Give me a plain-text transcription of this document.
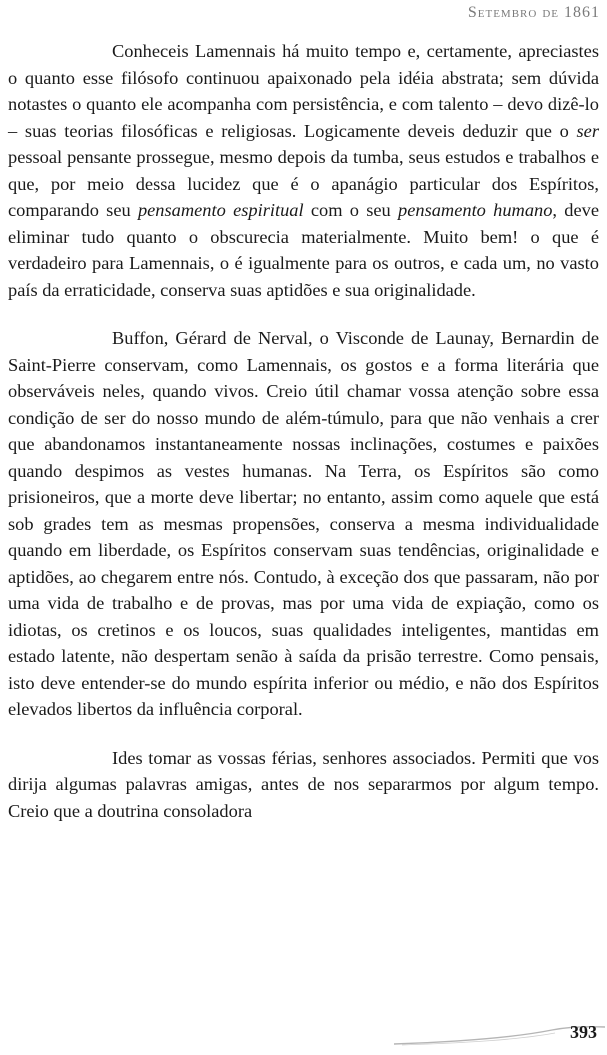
Setembro de 1861

Conheceis Lamennais há muito tempo e, certamente, apreciastes o quanto esse filósofo continuou apaixonado pela idéia abstrata; sem dúvida notastes o quanto ele acompanha com persistência, e com talento – devo dizê-lo – suas teorias filosóficas e religiosas. Logicamente deveis deduzir que o ser pessoal pensante prossegue, mesmo depois da tumba, seus estudos e trabalhos e que, por meio dessa lucidez que é o apanágio particular dos Espíritos, comparando seu pensamento espiritual com o seu pensamento humano, deve eliminar tudo quanto o obscurecia materialmente. Muito bem! o que é verdadeiro para Lamennais, o é igualmente para os outros, e cada um, no vasto país da erraticidade, conserva suas aptidões e sua originalidade.

Buffon, Gérard de Nerval, o Visconde de Launay, Bernardin de Saint-Pierre conservam, como Lamennais, os gostos e a forma literária que observáveis neles, quando vivos. Creio útil chamar vossa atenção sobre essa condição de ser do nosso mundo de além-túmulo, para que não venhais a crer que abandonamos instantaneamente nossas inclinações, costumes e paixões quando despimos as vestes humanas. Na Terra, os Espíritos são como prisioneiros, que a morte deve libertar; no entanto, assim como aquele que está sob grades tem as mesmas propensões, conserva a mesma individualidade quando em liberdade, os Espíritos conservam suas tendências, originalidade e aptidões, ao chegarem entre nós. Contudo, à exceção dos que passaram, não por uma vida de trabalho e de provas, mas por uma vida de expiação, como os idiotas, os cretinos e os loucos, suas qualidades inteligentes, mantidas em estado latente, não despertam senão à saída da prisão terrestre. Como pensais, isto deve entender-se do mundo espírita inferior ou médio, e não dos Espíritos elevados libertos da influência corporal.

Ides tomar as vossas férias, senhores associados. Permiti que vos dirija algumas palavras amigas, antes de nos separarmos por algum tempo. Creio que a doutrina consoladora

393
